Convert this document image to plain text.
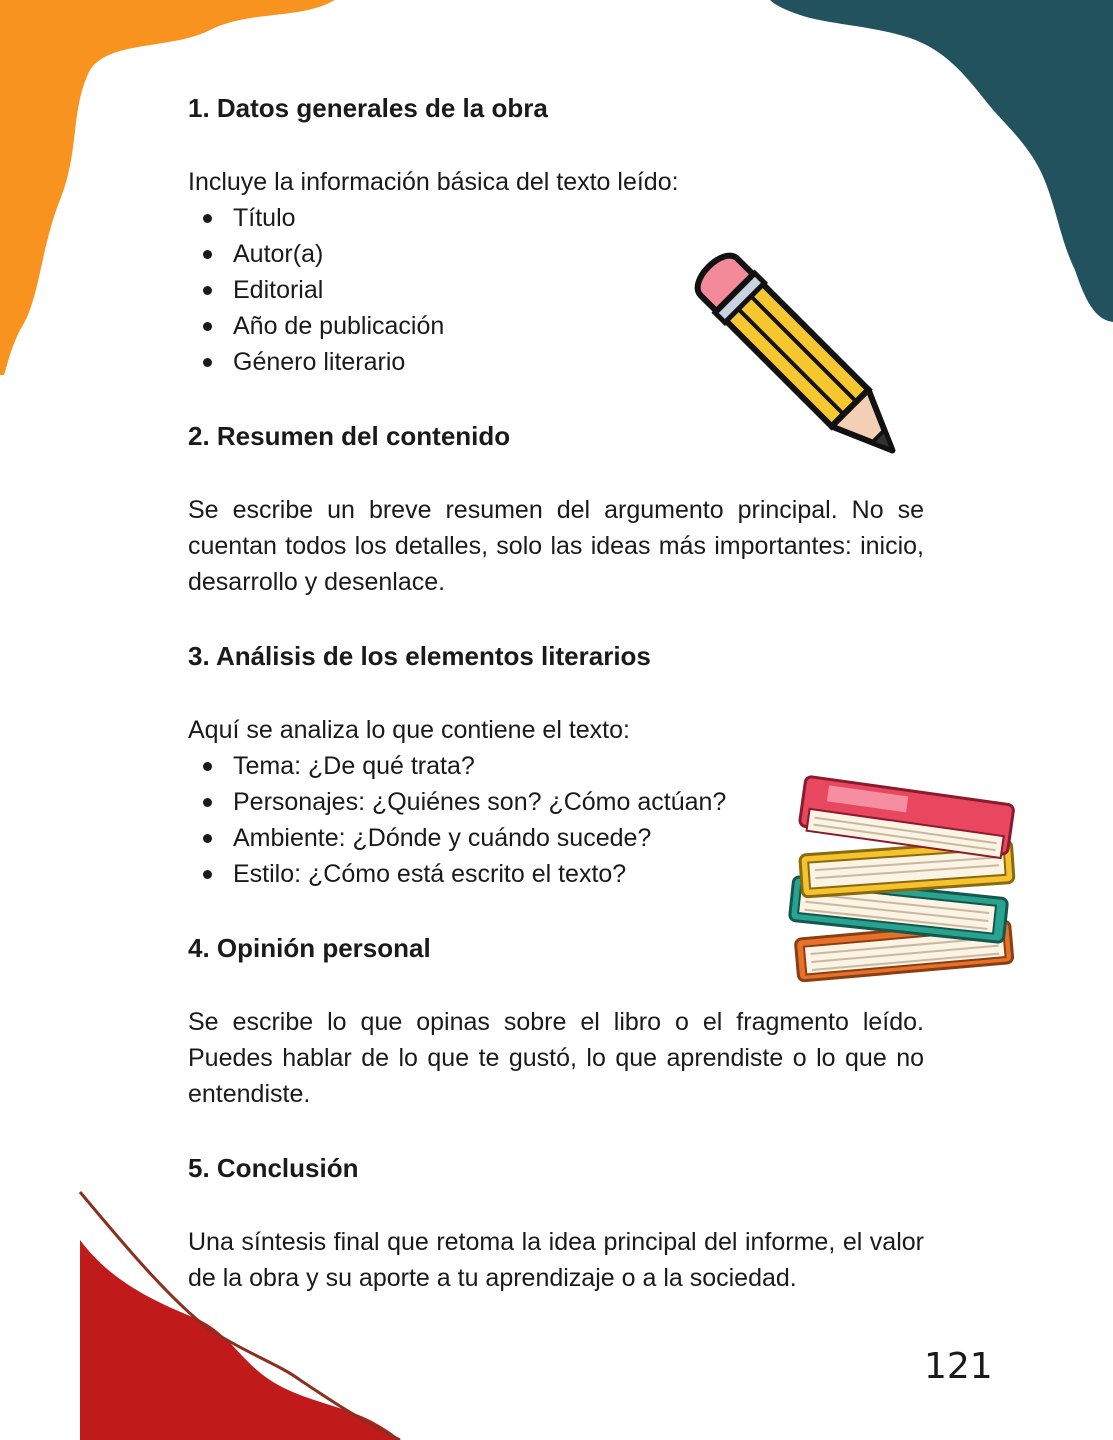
1. Datos generales de la obra

Incluye la información básica del texto leído:

Título
Autor(a)
Editorial
Año de publicación
Género literario

2. Resumen del contenido

Se escribe un breve resumen del argumento principal. No se cuentan todos los detalles, solo las ideas más importantes: inicio, desarrollo y desenlace.

3. Análisis de los elementos literarios

Aquí se analiza lo que contiene el texto:

Tema: ¿De qué trata?
Personajes: ¿Quiénes son? ¿Cómo actúan?
Ambiente: ¿Dónde y cuándo sucede?
Estilo: ¿Cómo está escrito el texto?

4. Opinión personal

Se escribe lo que opinas sobre el libro o el fragmento leído. Puedes hablar de lo que te gustó, lo que aprendiste o lo que no entendiste.

5. Conclusión

Una síntesis final que retoma la idea principal del informe, el valor de la obra y su aporte a tu aprendizaje o a la sociedad.

121
